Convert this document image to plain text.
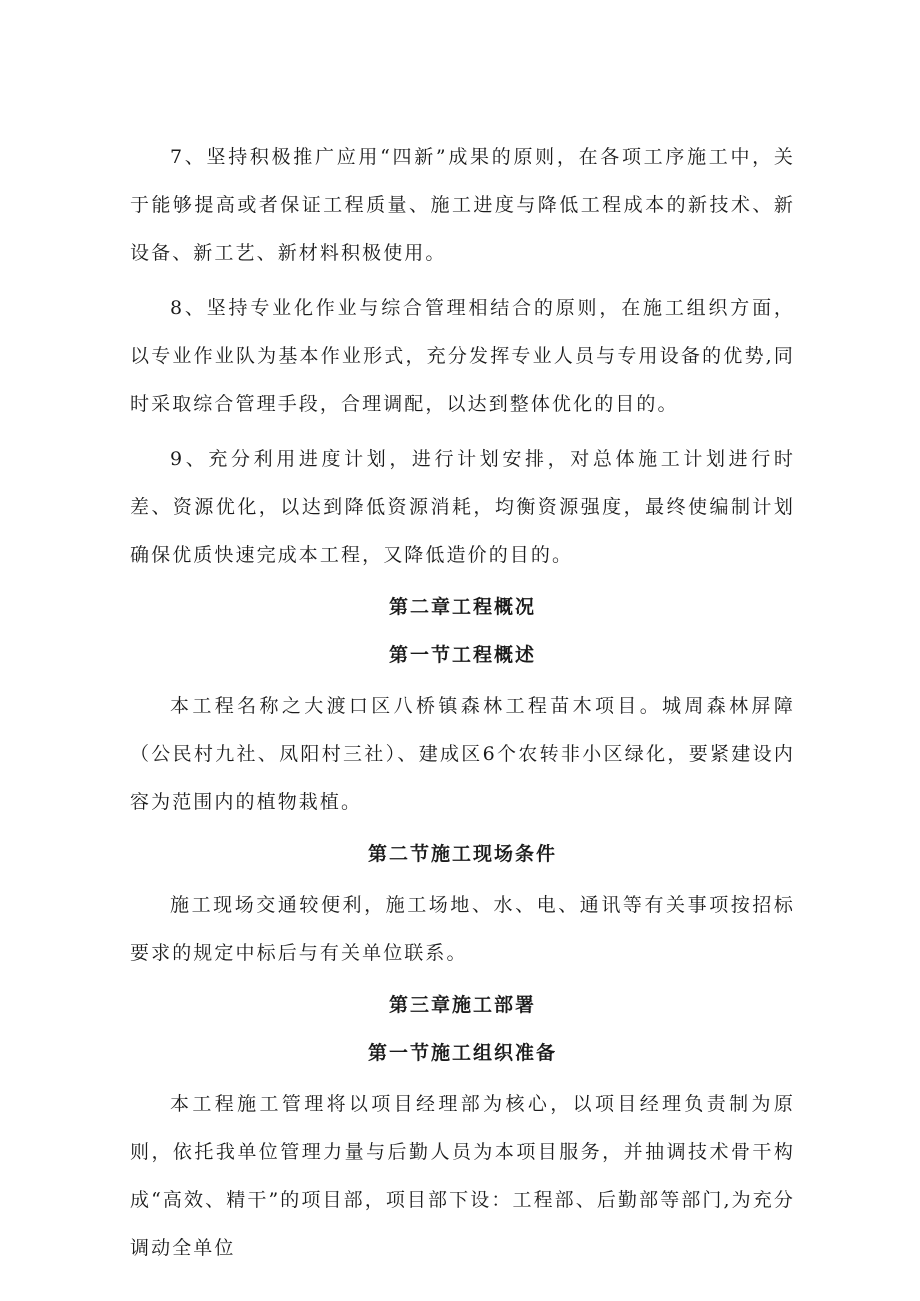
7、坚持积极推广应用“四新”成果的原则，在各项工序施工中，关于能够提高或者保证工程质量、施工进度与降低工程成本的新技术、新设备、新工艺、新材料积极使用。

8、坚持专业化作业与综合管理相结合的原则，在施工组织方面，以专业作业队为基本作业形式，充分发挥专业人员与专用设备的优势,同时采取综合管理手段，合理调配，以达到整体优化的目的。

9、充分利用进度计划，进行计划安排，对总体施工计划进行时差、资源优化，以达到降低资源消耗，均衡资源强度，最终使编制计划确保优质快速完成本工程，又降低造价的目的。

第二章工程概况
第一节工程概述

本工程名称之大渡口区八桥镇森林工程苗木项目。城周森林屏障（公民村九社、凤阳村三社）、建成区6个农转非小区绿化，要紧建设内容为范围内的植物栽植。

第二节施工现场条件

施工现场交通较便利，施工场地、水、电、通讯等有关事项按招标要求的规定中标后与有关单位联系。

第三章施工部署
第一节施工组织准备

本工程施工管理将以项目经理部为核心，以项目经理负责制为原则，依托我单位管理力量与后勤人员为本项目服务，并抽调技术骨干构成“高效、精干”的项目部，项目部下设：工程部、后勤部等部门,为充分调动全单位
